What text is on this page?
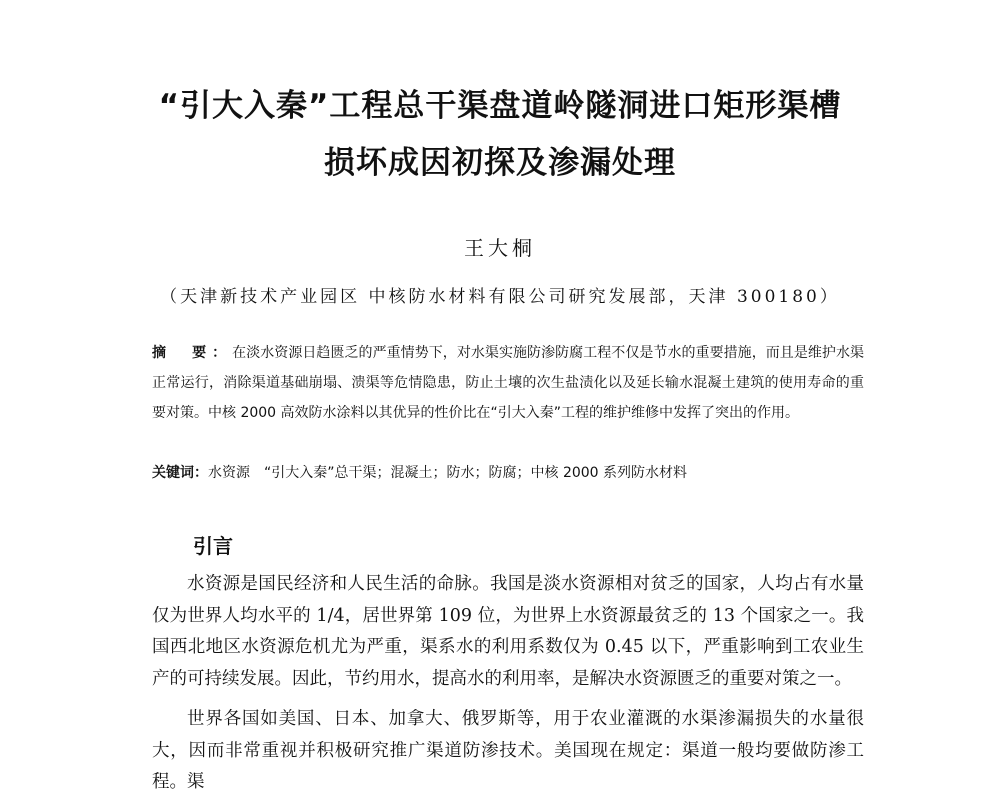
“引大入秦”工程总干渠盘道岭隧洞进口矩形渠槽
损坏成因初探及渗漏处理
王大桐
（天津新技术产业园区 中核防水材料有限公司研究发展部，天津 300180）

摘　要：在淡水资源日趋匮乏的严重情势下，对水渠实施防渗防腐工程不仅是节水的重要措施，而且是维护水渠正常运行，消除渠道基础崩塌、溃渠等危情隐患，防止土壤的次生盐渍化以及延长输水混凝土建筑的使用寿命的重要对策。中核 2000 高效防水涂料以其优异的性价比在“引大入秦”工程的维护维修中发挥了突出的作用。

关键词：水资源　“引大入秦”总干渠；混凝土；防水；防腐；中核 2000 系列防水材料

引言

水资源是国民经济和人民生活的命脉。我国是淡水资源相对贫乏的国家，人均占有水量仅为世界人均水平的 1/4，居世界第 109 位，为世界上水资源最贫乏的 13 个国家之一。我国西北地区水资源危机尤为严重，渠系水的利用系数仅为 0.45 以下，严重影响到工农业生产的可持续发展。因此，节约用水，提高水的利用率，是解决水资源匮乏的重要对策之一。

世界各国如美国、日本、加拿大、俄罗斯等，用于农业灌溉的水渠渗漏损失的水量很大，因而非常重视并积极研究推广渠道防渗技术。美国现在规定：渠道一般均要做防渗工程。渠
